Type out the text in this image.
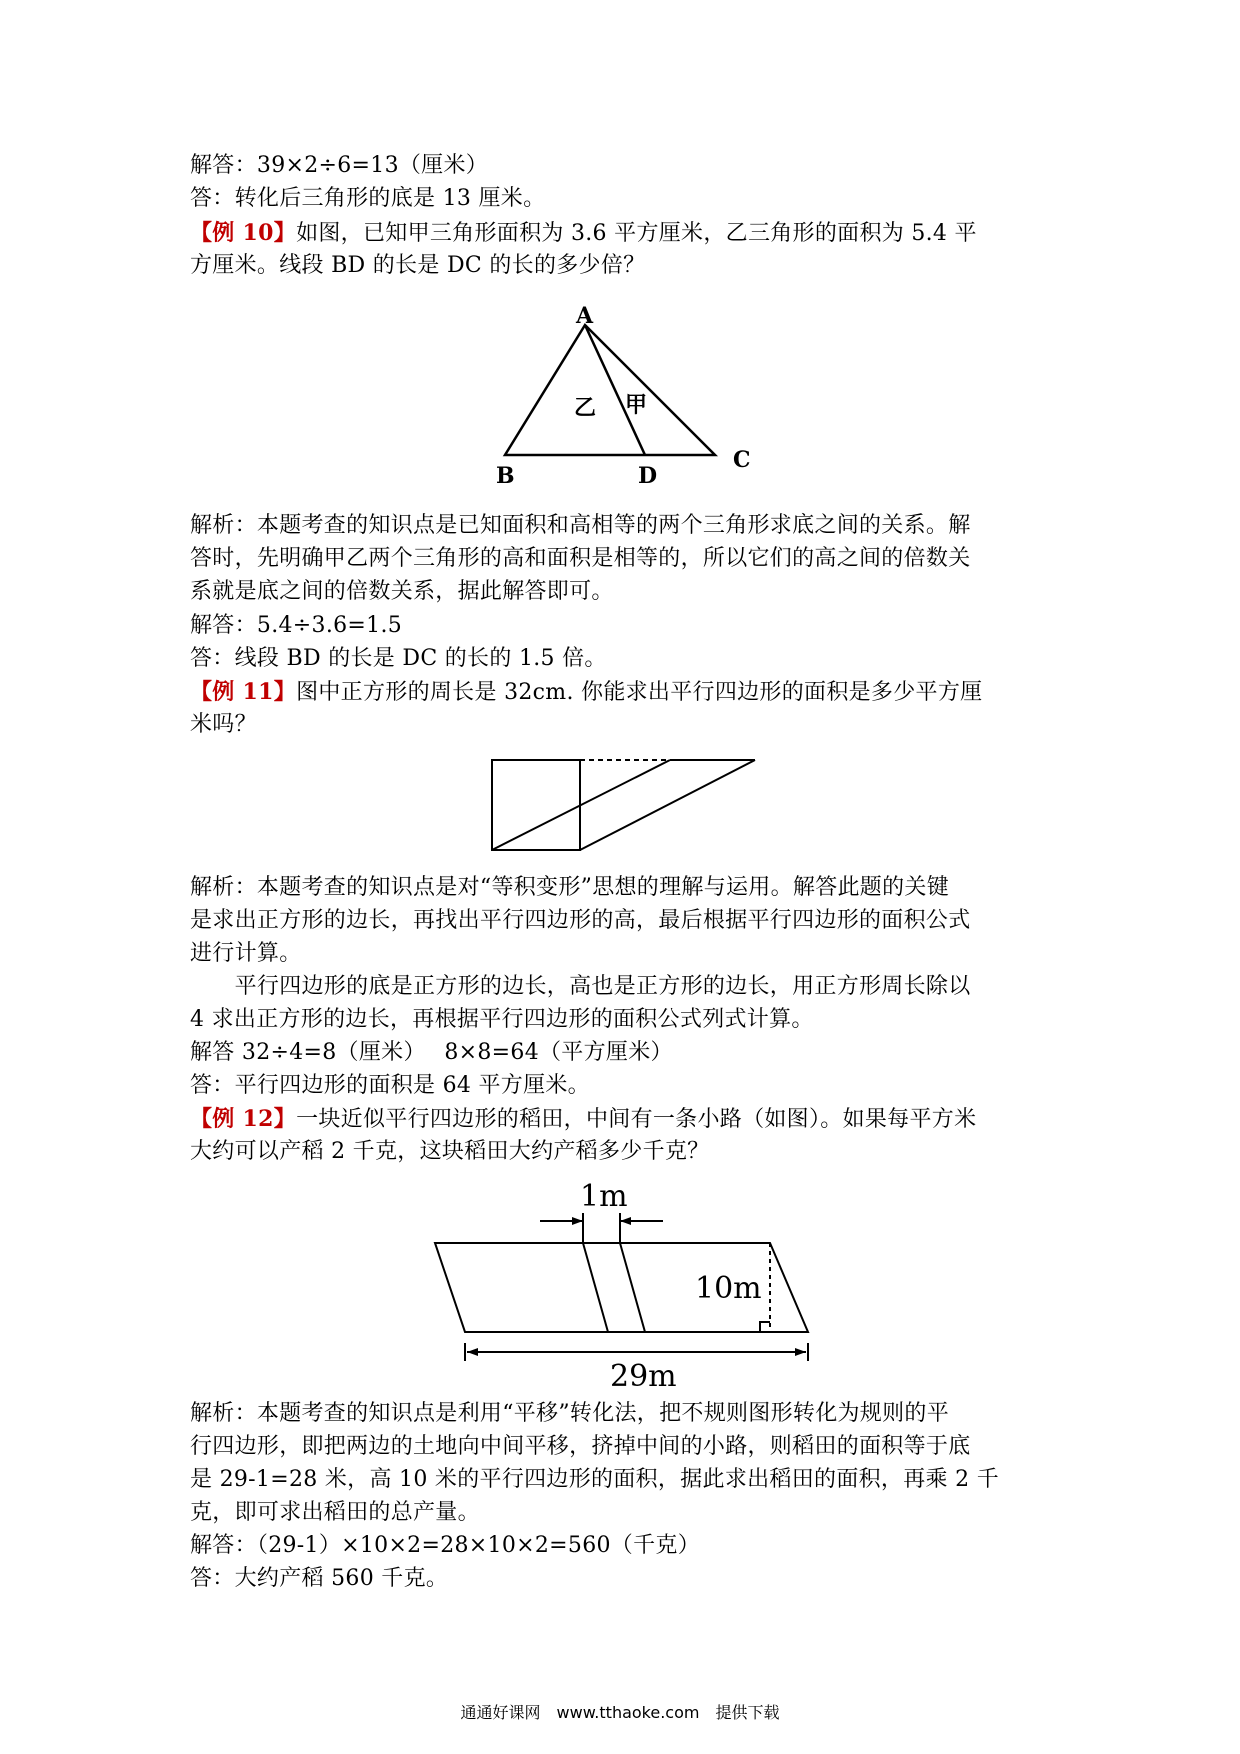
解答：39×2÷6=13（厘米）
答：转化后三角形的底是 13 厘米。
【例 10】如图，已知甲三角形面积为 3.6 平方厘米，乙三角形的面积为 5.4 平
方厘米。线段 BD 的长是 DC 的长的多少倍？
A
B	D
C
乙 甲
解析：本题考查的知识点是已知面积和高相等的两个三角形求底之间的关系。解
答时，先明确甲乙两个三角形的高和面积是相等的，所以它们的高之间的倍数关
系就是底之间的倍数关系，据此解答即可。
解答：5.4÷3.6=1.5
答：线段 BD 的长是 DC 的长的 1.5 倍。
【例 11】图中正方形的周长是 32cm. 你能求出平行四边形的面积是多少平方厘
米吗？
解析：本题考查的知识点是对“等积变形”思想的理解与运用。解答此题的关键
是求出正方形的边长，再找出平行四边形的高，最后根据平行四边形的面积公式
进行计算。
　　平行四边形的底是正方形的边长，高也是正方形的边长，用正方形周长除以
4 求出正方形的边长，再根据平行四边形的面积公式列式计算。
解答 32÷4=8（厘米）　 8×8=64（平方厘米）
答：平行四边形的面积是 64 平方厘米。
【例 12】一块近似平行四边形的稻田，中间有一条小路（如图）。如果每平方米
大约可以产稻 2 千克，这块稻田大约产稻多少千克？
1m
10m
29m
解析：本题考查的知识点是利用“平移”转化法，把不规则图形转化为规则的平
行四边形，即把两边的土地向中间平移，挤掉中间的小路，则稻田的面积等于底
是 29-1=28 米，高 10 米的平行四边形的面积，据此求出稻田的面积，再乘 2 千
克，即可求出稻田的总产量。
解答：（29-1）×10×2=28×10×2=560（千克）
答：大约产稻 560 千克。
通通好课网　www.tthaoke.com　提供下载
